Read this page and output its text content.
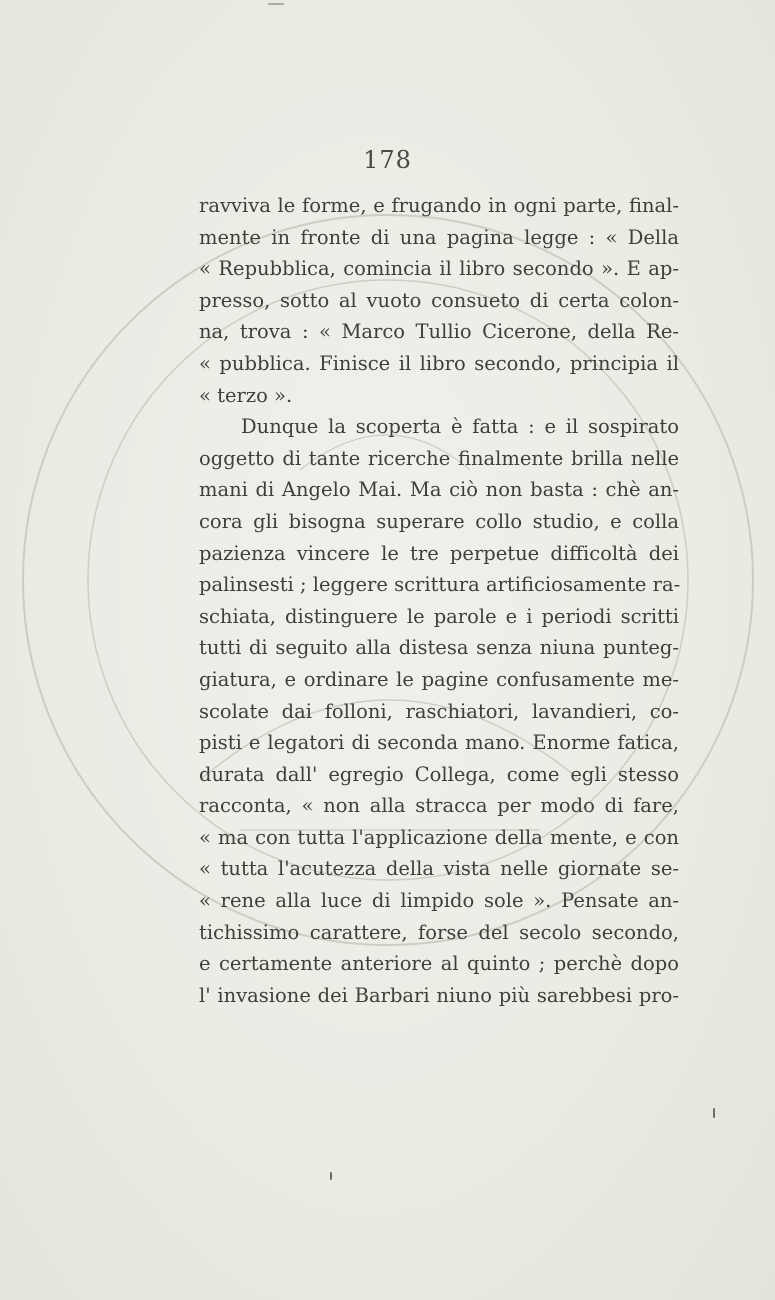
178
ravviva le forme, e frugando in ogni parte, final-
mente in fronte di una pagina legge : « Della
« Repubblica, comincia il libro secondo ». E ap-
presso, sotto al vuoto consueto di certa colon-
na, trova : « Marco Tullio Cicerone, della Re-
« pubblica. Finisce il libro secondo, principia il
« terzo ».
Dunque la scoperta è fatta : e il sospirato
oggetto di tante ricerche finalmente brilla nelle
mani di Angelo Mai. Ma ciò non basta : chè an-
cora gli bisogna superare collo studio, e colla
pazienza vincere le tre perpetue difficoltà dei
palinsesti ; leggere scrittura artificiosamente ra-
schiata, distinguere le parole e i periodi scritti
tutti di seguito alla distesa senza niuna punteg-
giatura, e ordinare le pagine confusamente me-
scolate dai folloni, raschiatori, lavandieri, co-
pisti e legatori di seconda mano. Enorme fatica,
durata dall' egregio Collega, come egli stesso
racconta, « non alla stracca per modo di fare,
« ma con tutta l'applicazione della mente, e con
« tutta l'acutezza della vista nelle giornate se-
« rene alla luce di limpido sole ». Pensate an-
tichissimo carattere, forse del secolo secondo,
e certamente anteriore al quinto ; perchè dopo
l' invasione dei Barbari niuno più sarebbesi pro-
